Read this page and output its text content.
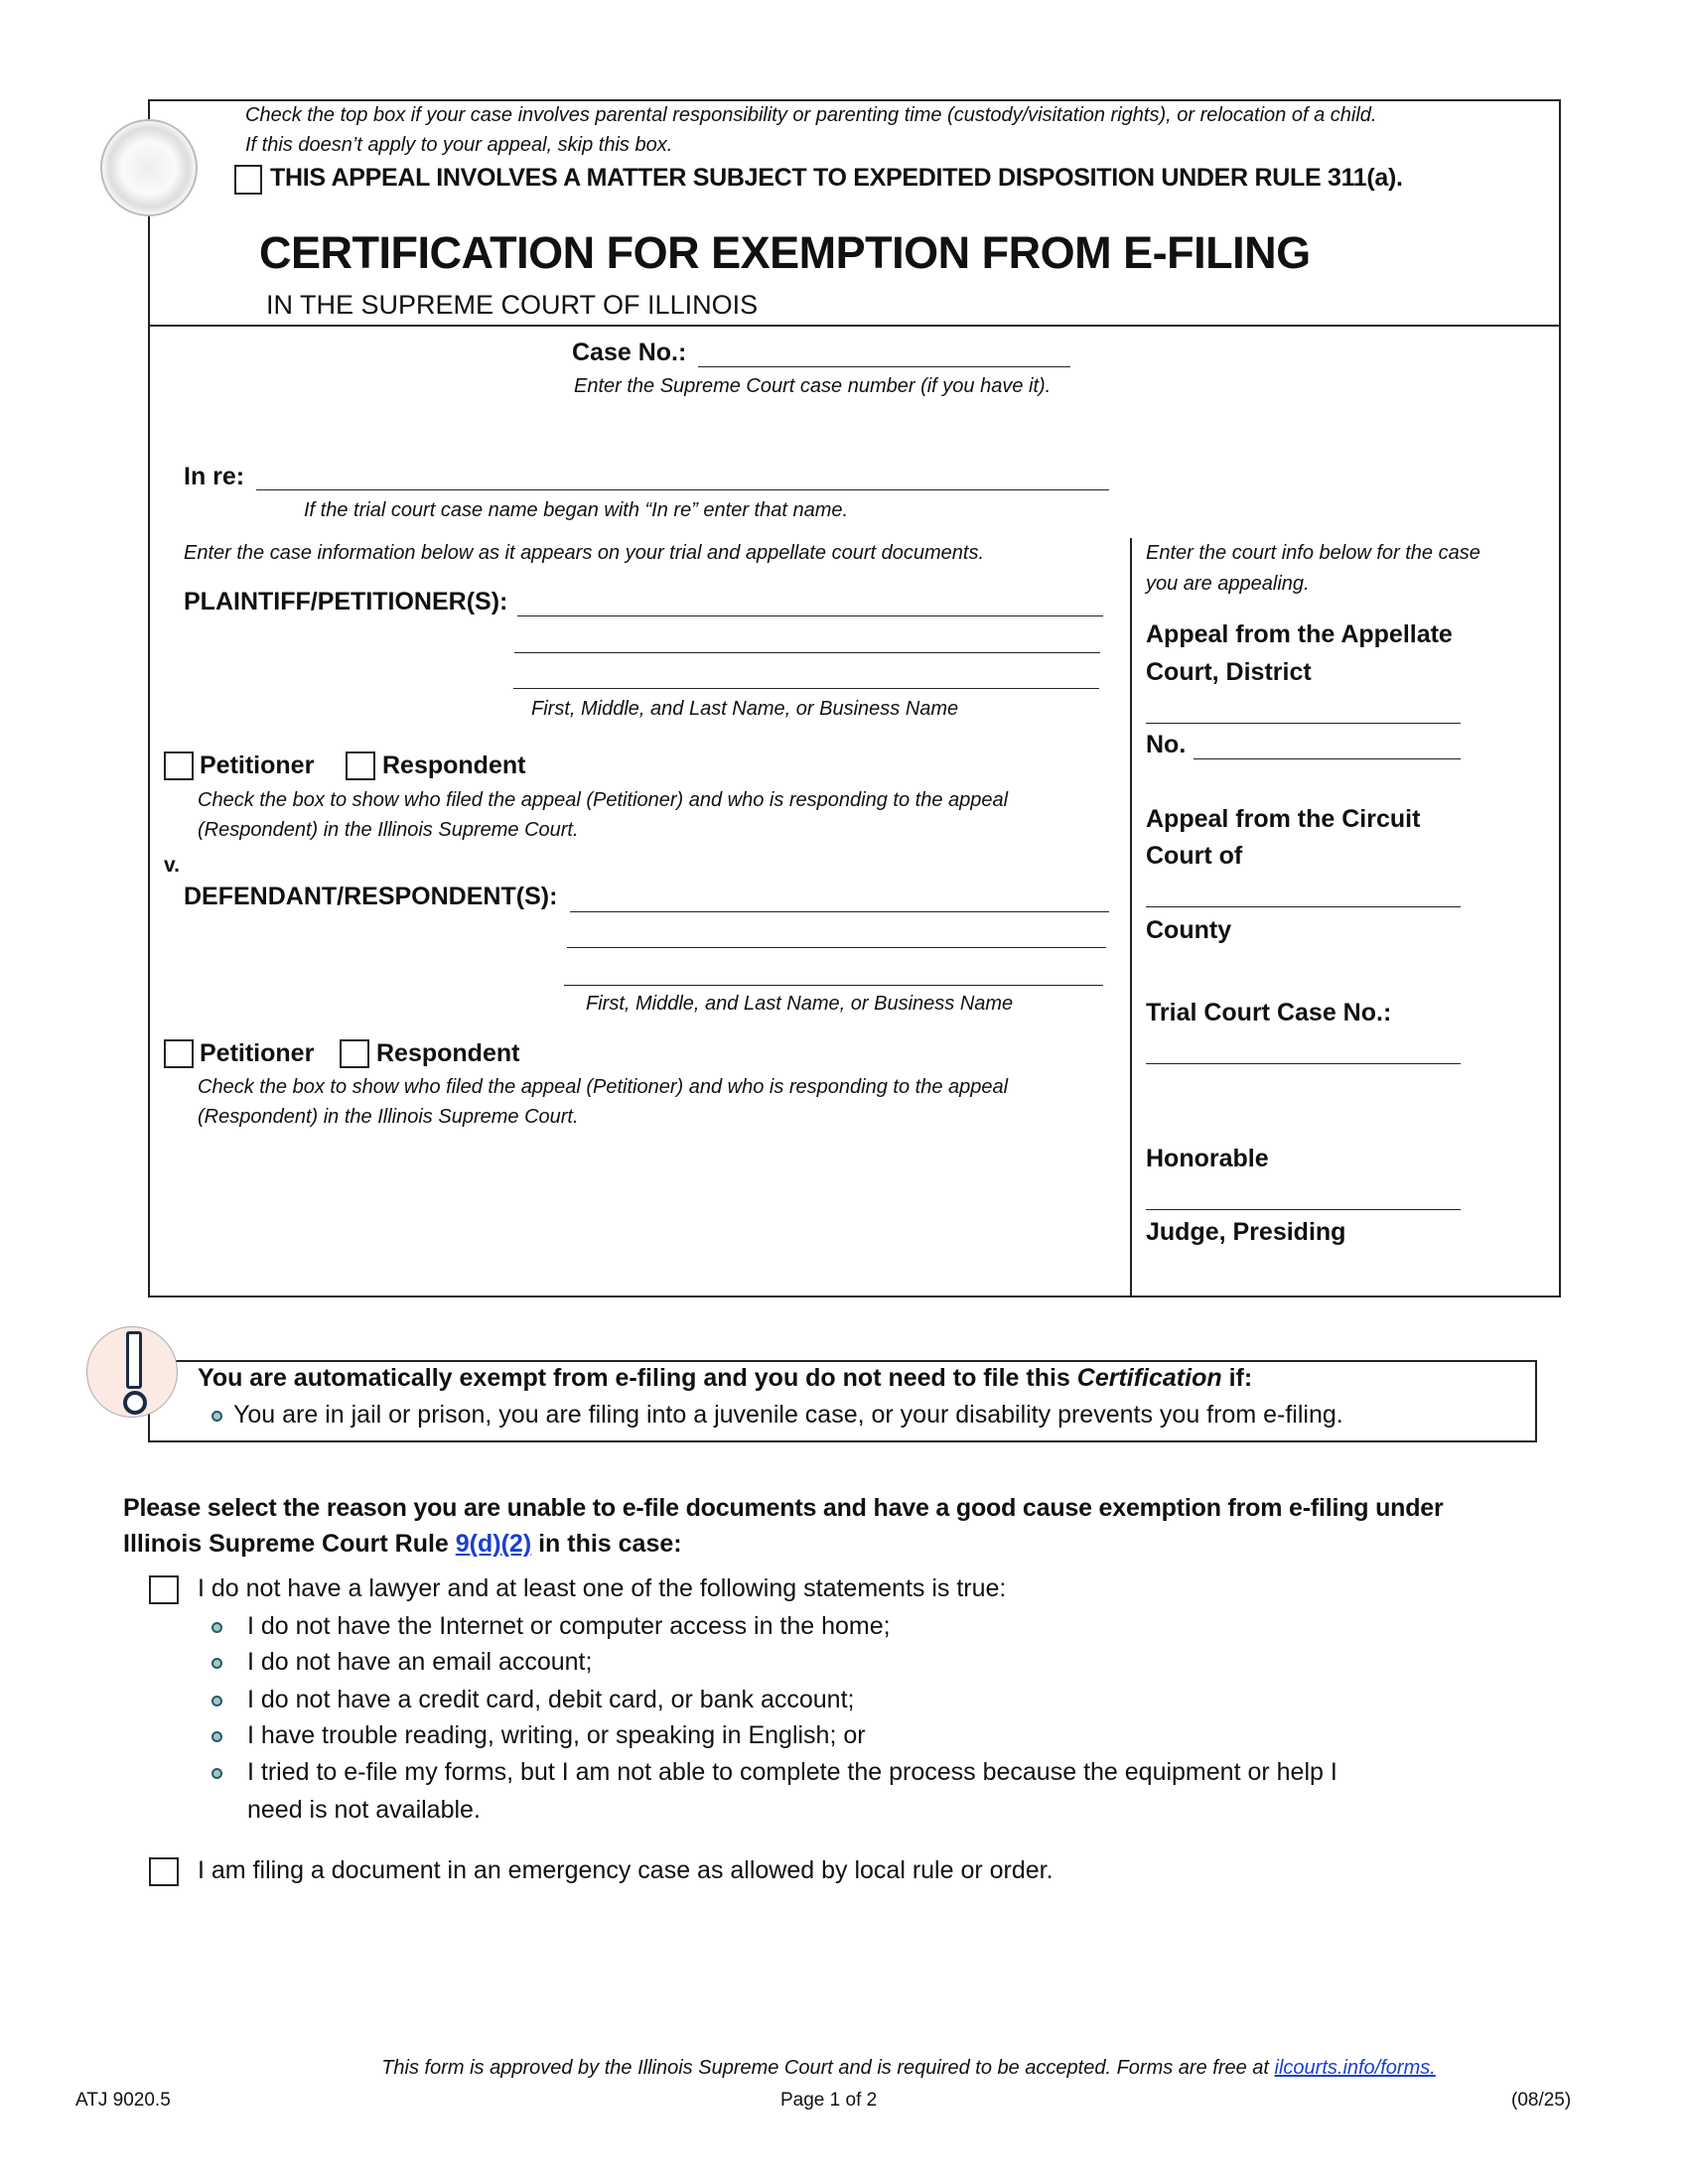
Check the top box if your case involves parental responsibility or parenting time (custody/visitation rights), or relocation of a child.
If this doesn’t apply to your appeal, skip this box.
THIS APPEAL INVOLVES A MATTER SUBJECT TO EXPEDITED DISPOSITION UNDER RULE 311(a).
CERTIFICATION FOR EXEMPTION FROM E-FILING
IN THE SUPREME COURT OF ILLINOIS
Case No.:
Enter the Supreme Court case number (if you have it).
In re:
If the trial court case name began with “In re” enter that name.
Enter the case information below as it appears on your trial and appellate court documents.
PLAINTIFF/PETITIONER(S):
First, Middle, and Last Name, or Business Name
Petitioner	Respondent
Check the box to show who filed the appeal (Petitioner) and who is responding to the appeal
(Respondent) in the Illinois Supreme Court.
v.
DEFENDANT/RESPONDENT(S):
First, Middle, and Last Name, or Business Name
Petitioner	Respondent
Check the box to show who filed the appeal (Petitioner) and who is responding to the appeal
(Respondent) in the Illinois Supreme Court.
Enter the court info below for the case
you are appealing.
Appeal from the Appellate
Court, District
No.
Appeal from the Circuit
Court of
County
Trial Court Case No.:
Honorable
Judge, Presiding
You are automatically exempt from e-filing and you do not need to file this Certification if:
You are in jail or prison, you are filing into a juvenile case, or your disability prevents you from e-filing.
Please select the reason you are unable to e-file documents and have a good cause exemption from e-filing under
Illinois Supreme Court Rule 9(d)(2) in this case:
I do not have a lawyer and at least one of the following statements is true:
I do not have the Internet or computer access in the home;
I do not have an email account;
I do not have a credit card, debit card, or bank account;
I have trouble reading, writing, or speaking in English; or
I tried to e-file my forms, but I am not able to complete the process because the equipment or help I
need is not available.
I am filing a document in an emergency case as allowed by local rule or order.
This form is approved by the Illinois Supreme Court and is required to be accepted. Forms are free at ilcourts.info/forms.
ATJ 9020.5	Page 1 of 2	(08/25)
